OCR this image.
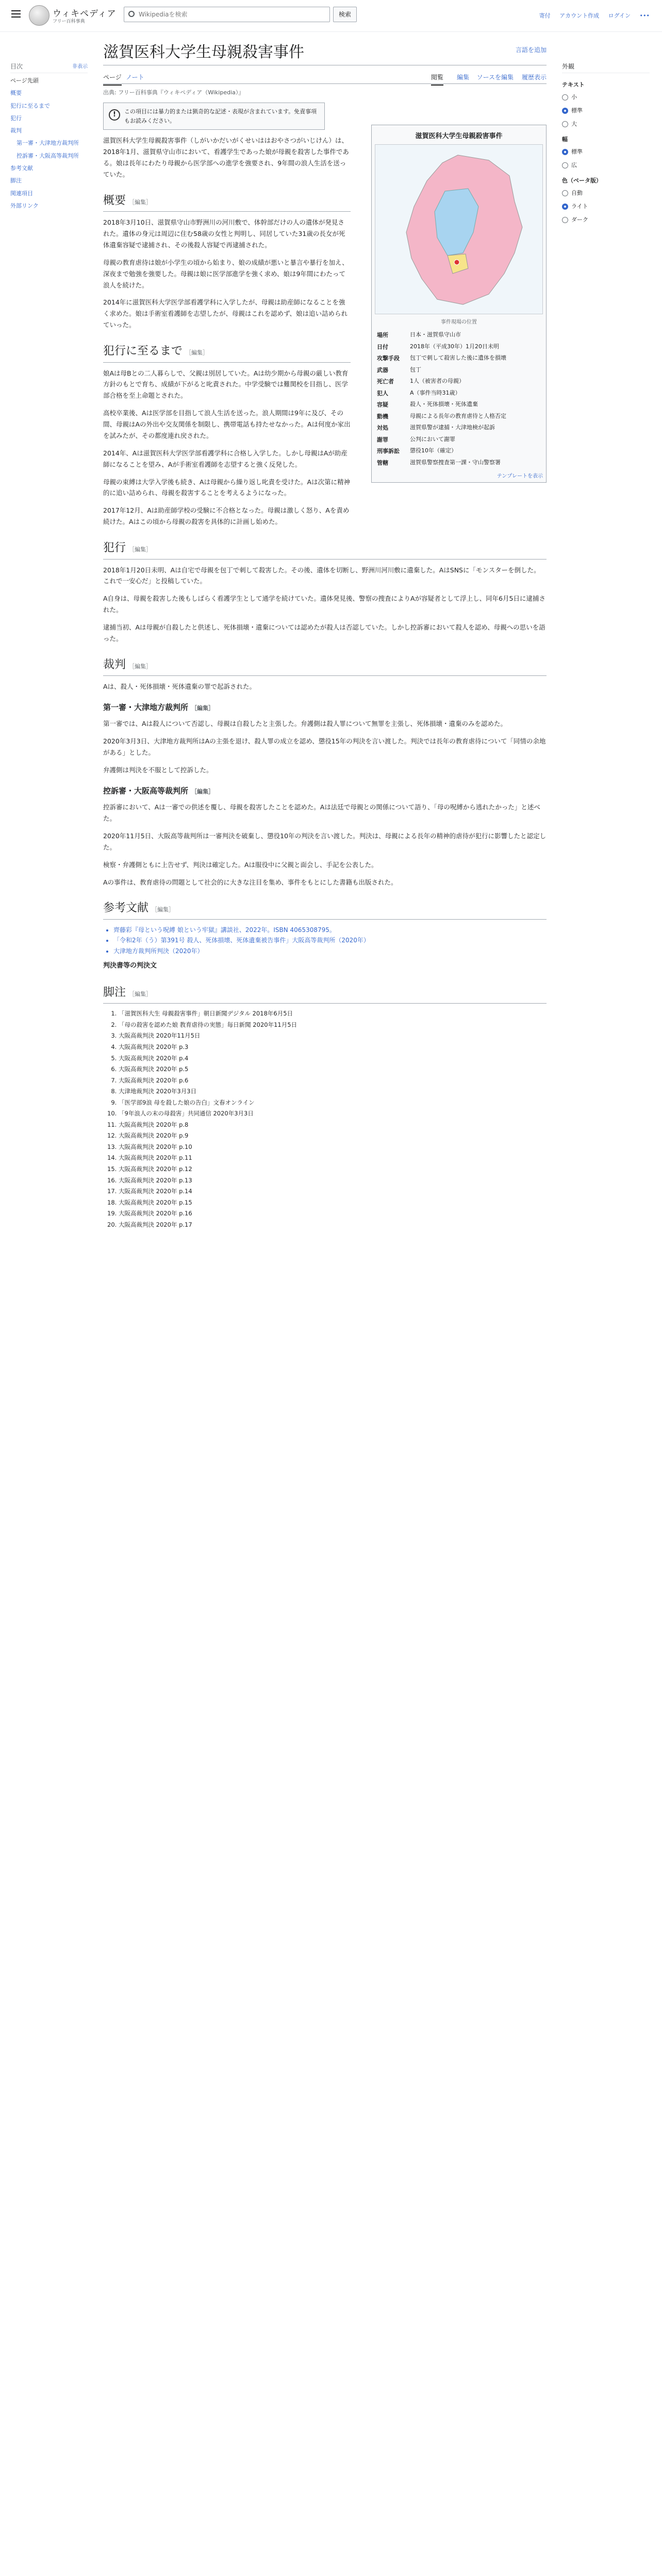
ウィキペディア
フリー百科事典
Wikipediaを検索
検索	寄付 アカウント作成 ログイン •••
目次	非表示
ページ先頭
概要
犯行に至るまで
犯行
裁判
第一審・大津地方裁判所
控訴審・大阪高等裁判所
参考文献
脚注
関連項目
外部リンク
滋賀医科大学生母親殺害事件	言語を追加
ページ ノート	閲覧 編集 ソースを編集 履歴表示
出典: フリー百科事典『ウィキペディア（Wikipedia）』
!	この項目には暴力的または猟奇的な記述・表現が含まれています。免責事項もお読みください。
滋賀医科大学生母親殺害事件
事件現場の位置
場所	日本・滋賀県守山市
日付	2018年（平成30年）1月20日未明
攻撃手段	包丁で刺して殺害した後に遺体を損壊
武器	包丁
死亡者	1人（被害者の母親）
犯人	A（事件当時31歳）
容疑	殺人・死体損壊・死体遺棄
動機	母親による長年の教育虐待と人格否定
対処	滋賀県警が逮捕・大津地検が起訴
謝罪	公判において謝罪
刑事訴訟	懲役10年（確定）
管轄	滋賀県警察捜査第一課・守山警察署
テンプレートを表示

滋賀医科大学生母親殺害事件（しがいかだいがくせいははおやさつがいじけん）は、2018年1月、滋賀県守山市において、看護学生であった娘が母親を殺害した事件である。娘は長年にわたり母親から医学部への進学を強要され、9年間の浪人生活を送っていた。

概要 ［編集］

2018年3月10日、滋賀県守山市野洲川の河川敷で、体幹部だけの人の遺体が発見された。遺体の身元は周辺に住む58歳の女性と判明し、同居していた31歳の長女が死体遺棄容疑で逮捕され、その後殺人容疑で再逮捕された。

母親の教育虐待は娘が小学生の頃から始まり、娘の成績が悪いと暴言や暴行を加え、深夜まで勉強を強要した。母親は娘に医学部進学を強く求め、娘は9年間にわたって浪人を続けた。

2014年に滋賀医科大学医学部看護学科に入学したが、母親は助産師になることを強く求めた。娘は手術室看護師を志望したが、母親はこれを認めず、娘は追い詰められていった。

犯行に至るまで ［編集］

娘Aは母Bとの二人暮らしで、父親は別居していた。Aは幼少期から母親の厳しい教育方針のもとで育ち、成績が下がると叱責された。中学受験では難関校を目指し、医学部合格を至上命題とされた。

高校卒業後、Aは医学部を目指して浪人生活を送った。浪人期間は9年に及び、その間、母親はAの外出や交友関係を制限し、携帯電話も持たせなかった。Aは何度か家出を試みたが、その都度連れ戻された。

2014年、Aは滋賀医科大学医学部看護学科に合格し入学した。しかし母親はAが助産師になることを望み、Aが手術室看護師を志望すると強く反発した。

母親の束縛は大学入学後も続き、Aは母親から繰り返し叱責を受けた。Aは次第に精神的に追い詰められ、母親を殺害することを考えるようになった。

2017年12月、Aは助産師学校の受験に不合格となった。母親は激しく怒り、Aを責め続けた。Aはこの頃から母親の殺害を具体的に計画し始めた。

犯行 ［編集］

2018年1月20日未明、Aは自宅で母親を包丁で刺して殺害した。その後、遺体を切断し、野洲川河川敷に遺棄した。AはSNSに「モンスターを倒した。これで一安心だ」と投稿していた。

A自身は、母親を殺害した後もしばらく看護学生として通学を続けていた。遺体発見後、警察の捜査によりAが容疑者として浮上し、同年6月5日に逮捕された。

逮捕当初、Aは母親が自殺したと供述し、死体損壊・遺棄については認めたが殺人は否認していた。しかし控訴審において殺人を認め、母親への思いを語った。

裁判 ［編集］

Aは、殺人・死体損壊・死体遺棄の罪で起訴された。

第一審・大津地方裁判所 ［編集］

第一審では、Aは殺人について否認し、母親は自殺したと主張した。弁護側は殺人罪について無罪を主張し、死体損壊・遺棄のみを認めた。

2020年3月3日、大津地方裁判所はAの主張を退け、殺人罪の成立を認め、懲役15年の判決を言い渡した。判決では長年の教育虐待について「同情の余地がある」とした。

弁護側は判決を不服として控訴した。

控訴審・大阪高等裁判所 ［編集］

控訴審において、Aは一審での供述を覆し、母親を殺害したことを認めた。Aは法廷で母親との関係について語り、「母の呪縛から逃れたかった」と述べた。

2020年11月5日、大阪高等裁判所は一審判決を破棄し、懲役10年の判決を言い渡した。判決は、母親による長年の精神的虐待が犯行に影響したと認定した。

検察・弁護側ともに上告せず、判決は確定した。Aは服役中に父親と面会し、手記を公表した。

Aの事件は、教育虐待の問題として社会的に大きな注目を集め、事件をもとにした書籍も出版された。

参考文献 ［編集］
• 齊藤彩『母という呪縛 娘という牢獄』講談社、2022年。ISBN 4065308795。
• 「令和2年（う）第391号 殺人、死体損壊、死体遺棄被告事件」大阪高等裁判所（2020年）
• 大津地方裁判所判決（2020年）
判決書等の判決文
脚注 ［編集］
1. 「滋賀医科大生 母親殺害事件」朝日新聞デジタル 2018年6月5日
2. 「母の殺害を認めた娘 教育虐待の実態」毎日新聞 2020年11月5日
3. 大阪高裁判決 2020年11月5日
4. 大阪高裁判決 2020年 p.3
5. 大阪高裁判決 2020年 p.4
6. 大阪高裁判決 2020年 p.5
7. 大阪高裁判決 2020年 p.6
8. 大津地裁判決 2020年3月3日
9. 「医学部9浪 母を殺した娘の告白」文春オンライン
10. 「9年浪人の末の母殺害」共同通信 2020年3月3日
11. 大阪高裁判決 2020年 p.8
12. 大阪高裁判決 2020年 p.9
13. 大阪高裁判決 2020年 p.10
14. 大阪高裁判決 2020年 p.11
15. 大阪高裁判決 2020年 p.12
16. 大阪高裁判決 2020年 p.13
17. 大阪高裁判決 2020年 p.14
18. 大阪高裁判決 2020年 p.15
19. 大阪高裁判決 2020年 p.16
20. 大阪高裁判決 2020年 p.17
外観
テキスト
小
標準
大
幅
標準
広
色（ベータ版）
自動
ライト
ダーク
